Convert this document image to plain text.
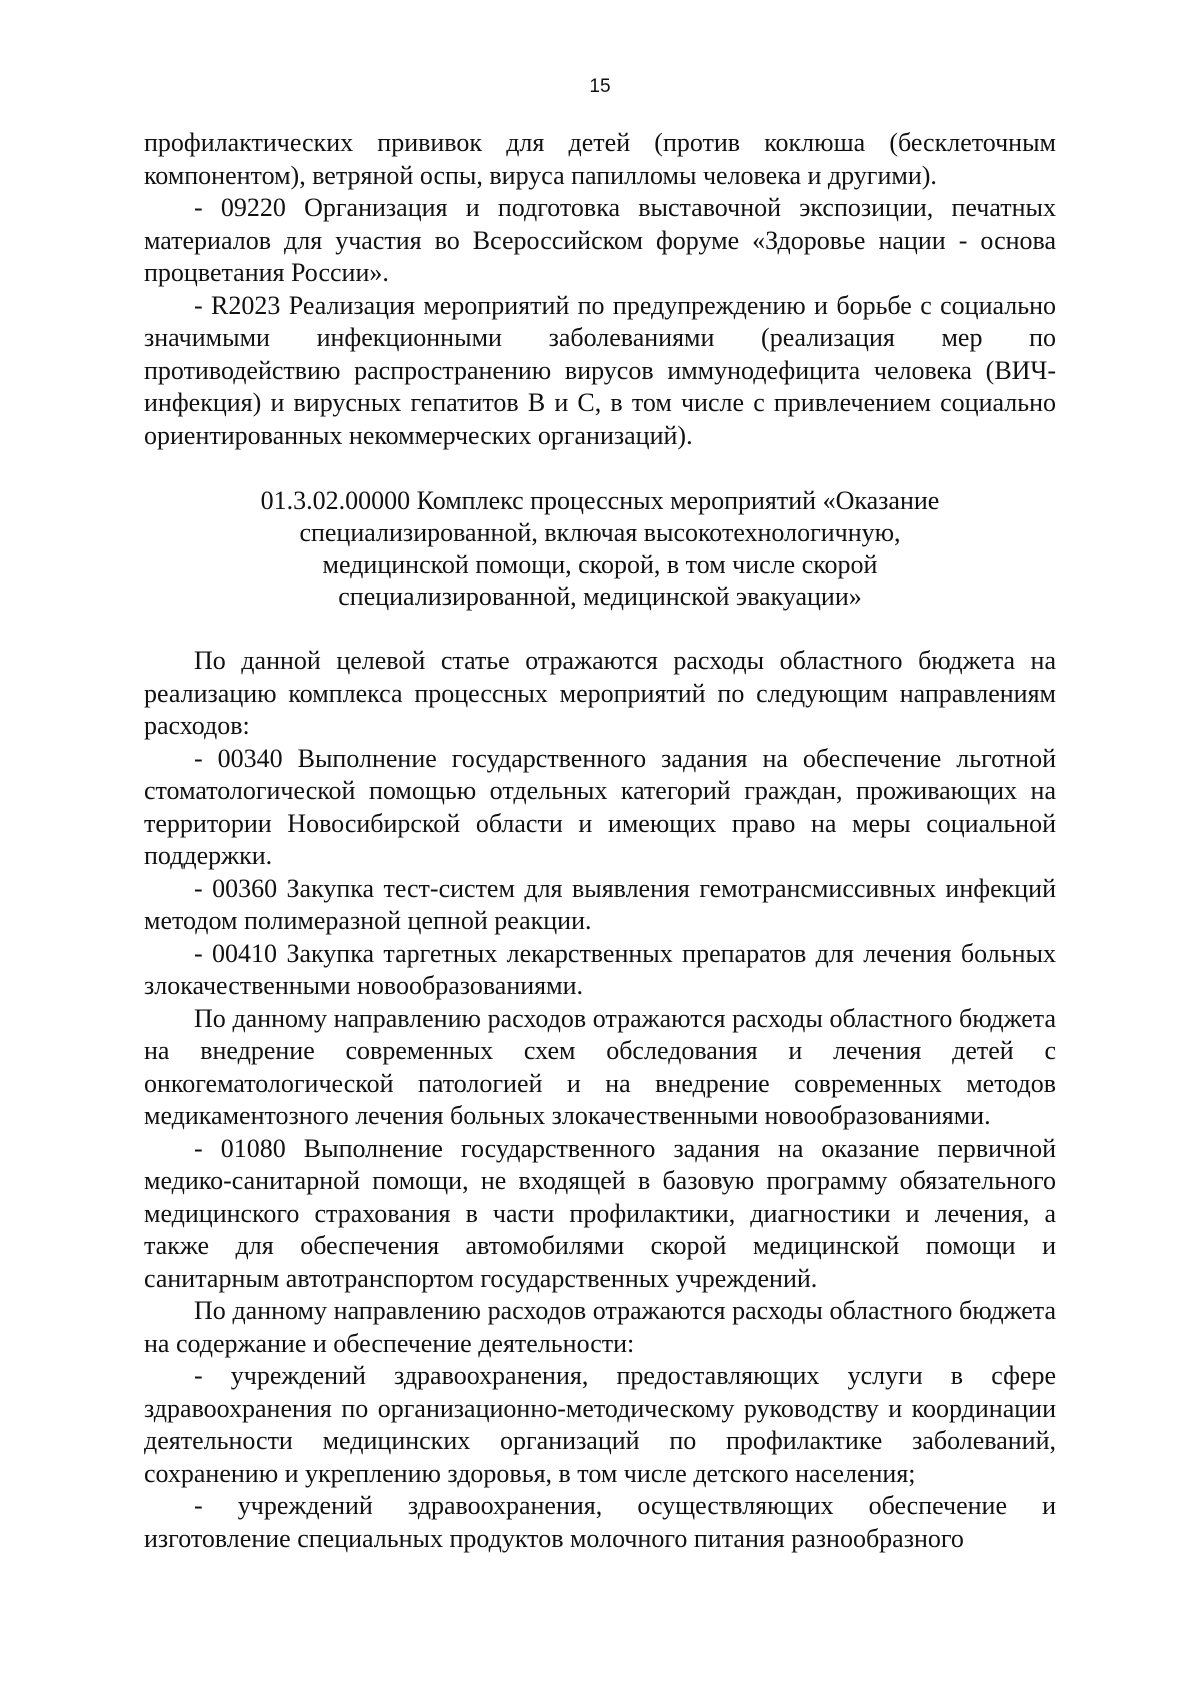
15

профилактических прививок для детей (против коклюша (бесклеточным компонентом), ветряной оспы, вируса папилломы человека и другими).

- 09220 Организация и подготовка выставочной экспозиции, печатных материалов для участия во Всероссийском форуме «Здоровье нации - основа процветания России».

- R2023 Реализация мероприятий по предупреждению и борьбе с социально значимыми инфекционными заболеваниями (реализация мер по противодействию распространению вирусов иммунодефицита человека (ВИЧ-инфекция) и вирусных гепатитов В и С, в том числе с привлечением социально ориентированных некоммерческих организаций).

01.3.02.00000 Комплекс процессных мероприятий «Оказание
специализированной, включая высокотехнологичную,
медицинской помощи, скорой, в том числе скорой
специализированной, медицинской эвакуации»

По данной целевой статье отражаются расходы областного бюджета на реализацию комплекса процессных мероприятий по следующим направлениям расходов:

- 00340 Выполнение государственного задания на обеспечение льготной стоматологической помощью отдельных категорий граждан, проживающих на территории Новосибирской области и имеющих право на меры социальной поддержки.

- 00360 Закупка тест-систем для выявления гемотрансмиссивных инфекций методом полимеразной цепной реакции.

- 00410 Закупка таргетных лекарственных препаратов для лечения больных злокачественными новообразованиями.

По данному направлению расходов отражаются расходы областного бюджета на внедрение современных схем обследования и лечения детей с онкогематологической патологией и на внедрение современных методов медикаментозного лечения больных злокачественными новообразованиями.

- 01080 Выполнение государственного задания на оказание первичной медико-санитарной помощи, не входящей в базовую программу обязательного медицинского страхования в части профилактики, диагностики и лечения, а также для обеспечения автомобилями скорой медицинской помощи и санитарным автотранспортом государственных учреждений.

По данному направлению расходов отражаются расходы областного бюджета на содержание и обеспечение деятельности:

- учреждений здравоохранения, предоставляющих услуги в сфере здравоохранения по организационно-методическому руководству и координации деятельности медицинских организаций по профилактике заболеваний, сохранению и укреплению здоровья, в том числе детского населения;

- учреждений здравоохранения, осуществляющих обеспечение и изготовление специальных продуктов молочного питания разнообразного
